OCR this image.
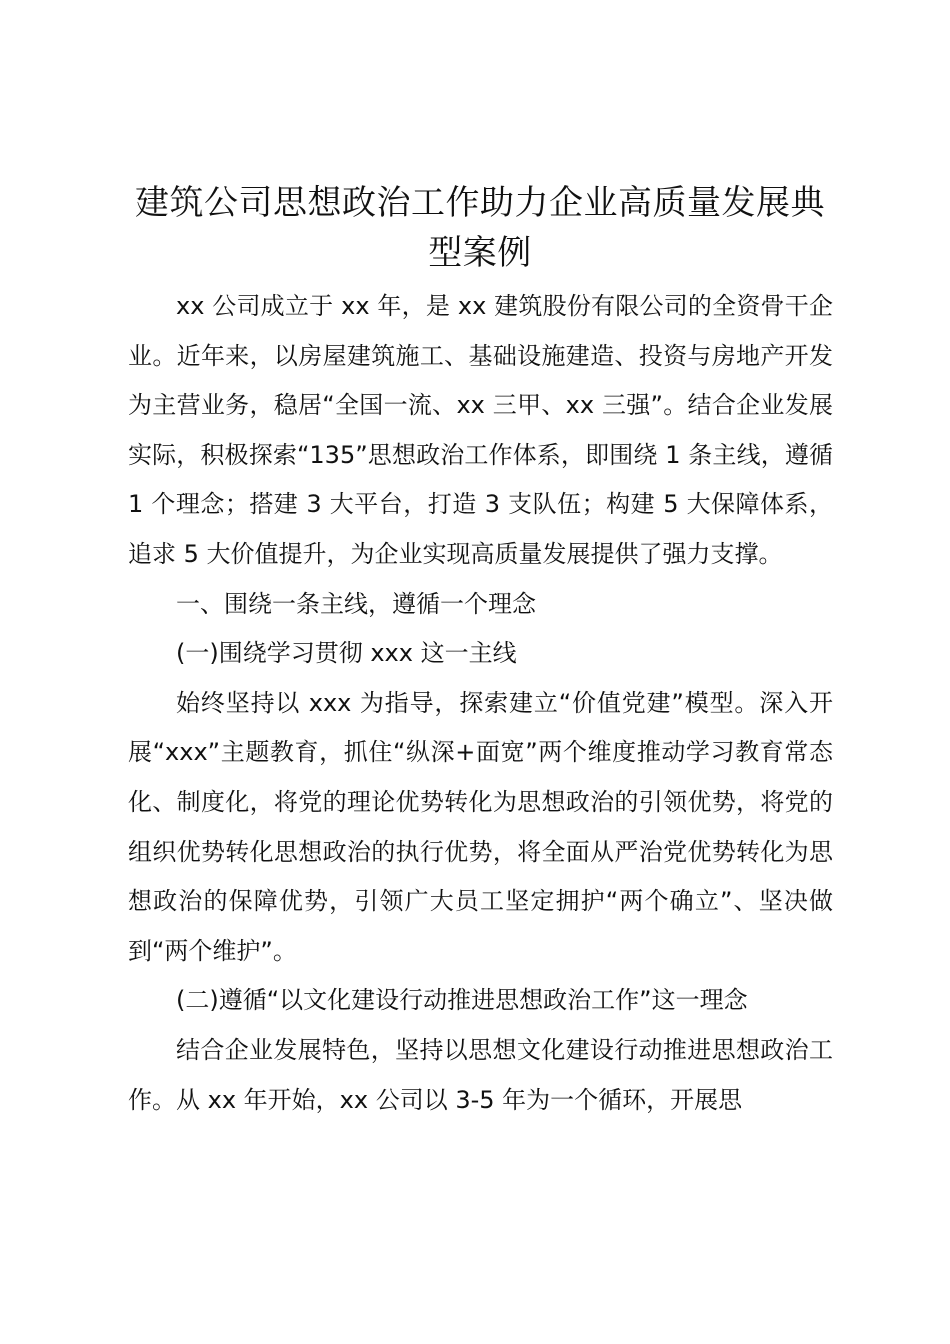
建筑公司思想政治工作助力企业高质量发展典型案例

xx 公司成立于 xx 年，是 xx 建筑股份有限公司的全资骨干企业。近年来，以房屋建筑施工、基础设施建造、投资与房地产开发为主营业务，稳居“全国一流、xx 三甲、xx 三强”。结合企业发展实际，积极探索“135”思想政治工作体系，即围绕 1 条主线，遵循 1 个理念；搭建 3 大平台，打造 3 支队伍；构建 5 大保障体系，追求 5 大价值提升，为企业实现高质量发展提供了强力支撑。

一、围绕一条主线，遵循一个理念

(一)围绕学习贯彻 xxx 这一主线

始终坚持以 xxx 为指导，探索建立“价值党建”模型。深入开展“xxx”主题教育，抓住“纵深+面宽”两个维度推动学习教育常态化、制度化，将党的理论优势转化为思想政治的引领优势，将党的组织优势转化思想政治的执行优势，将全面从严治党优势转化为思想政治的保障优势，引领广大员工坚定拥护“两个确立”、坚决做到“两个维护”。

(二)遵循“以文化建设行动推进思想政治工作”这一理念

结合企业发展特色，坚持以思想文化建设行动推进思想政治工作。从 xx 年开始，xx 公司以 3-5 年为一个循环，开展思
